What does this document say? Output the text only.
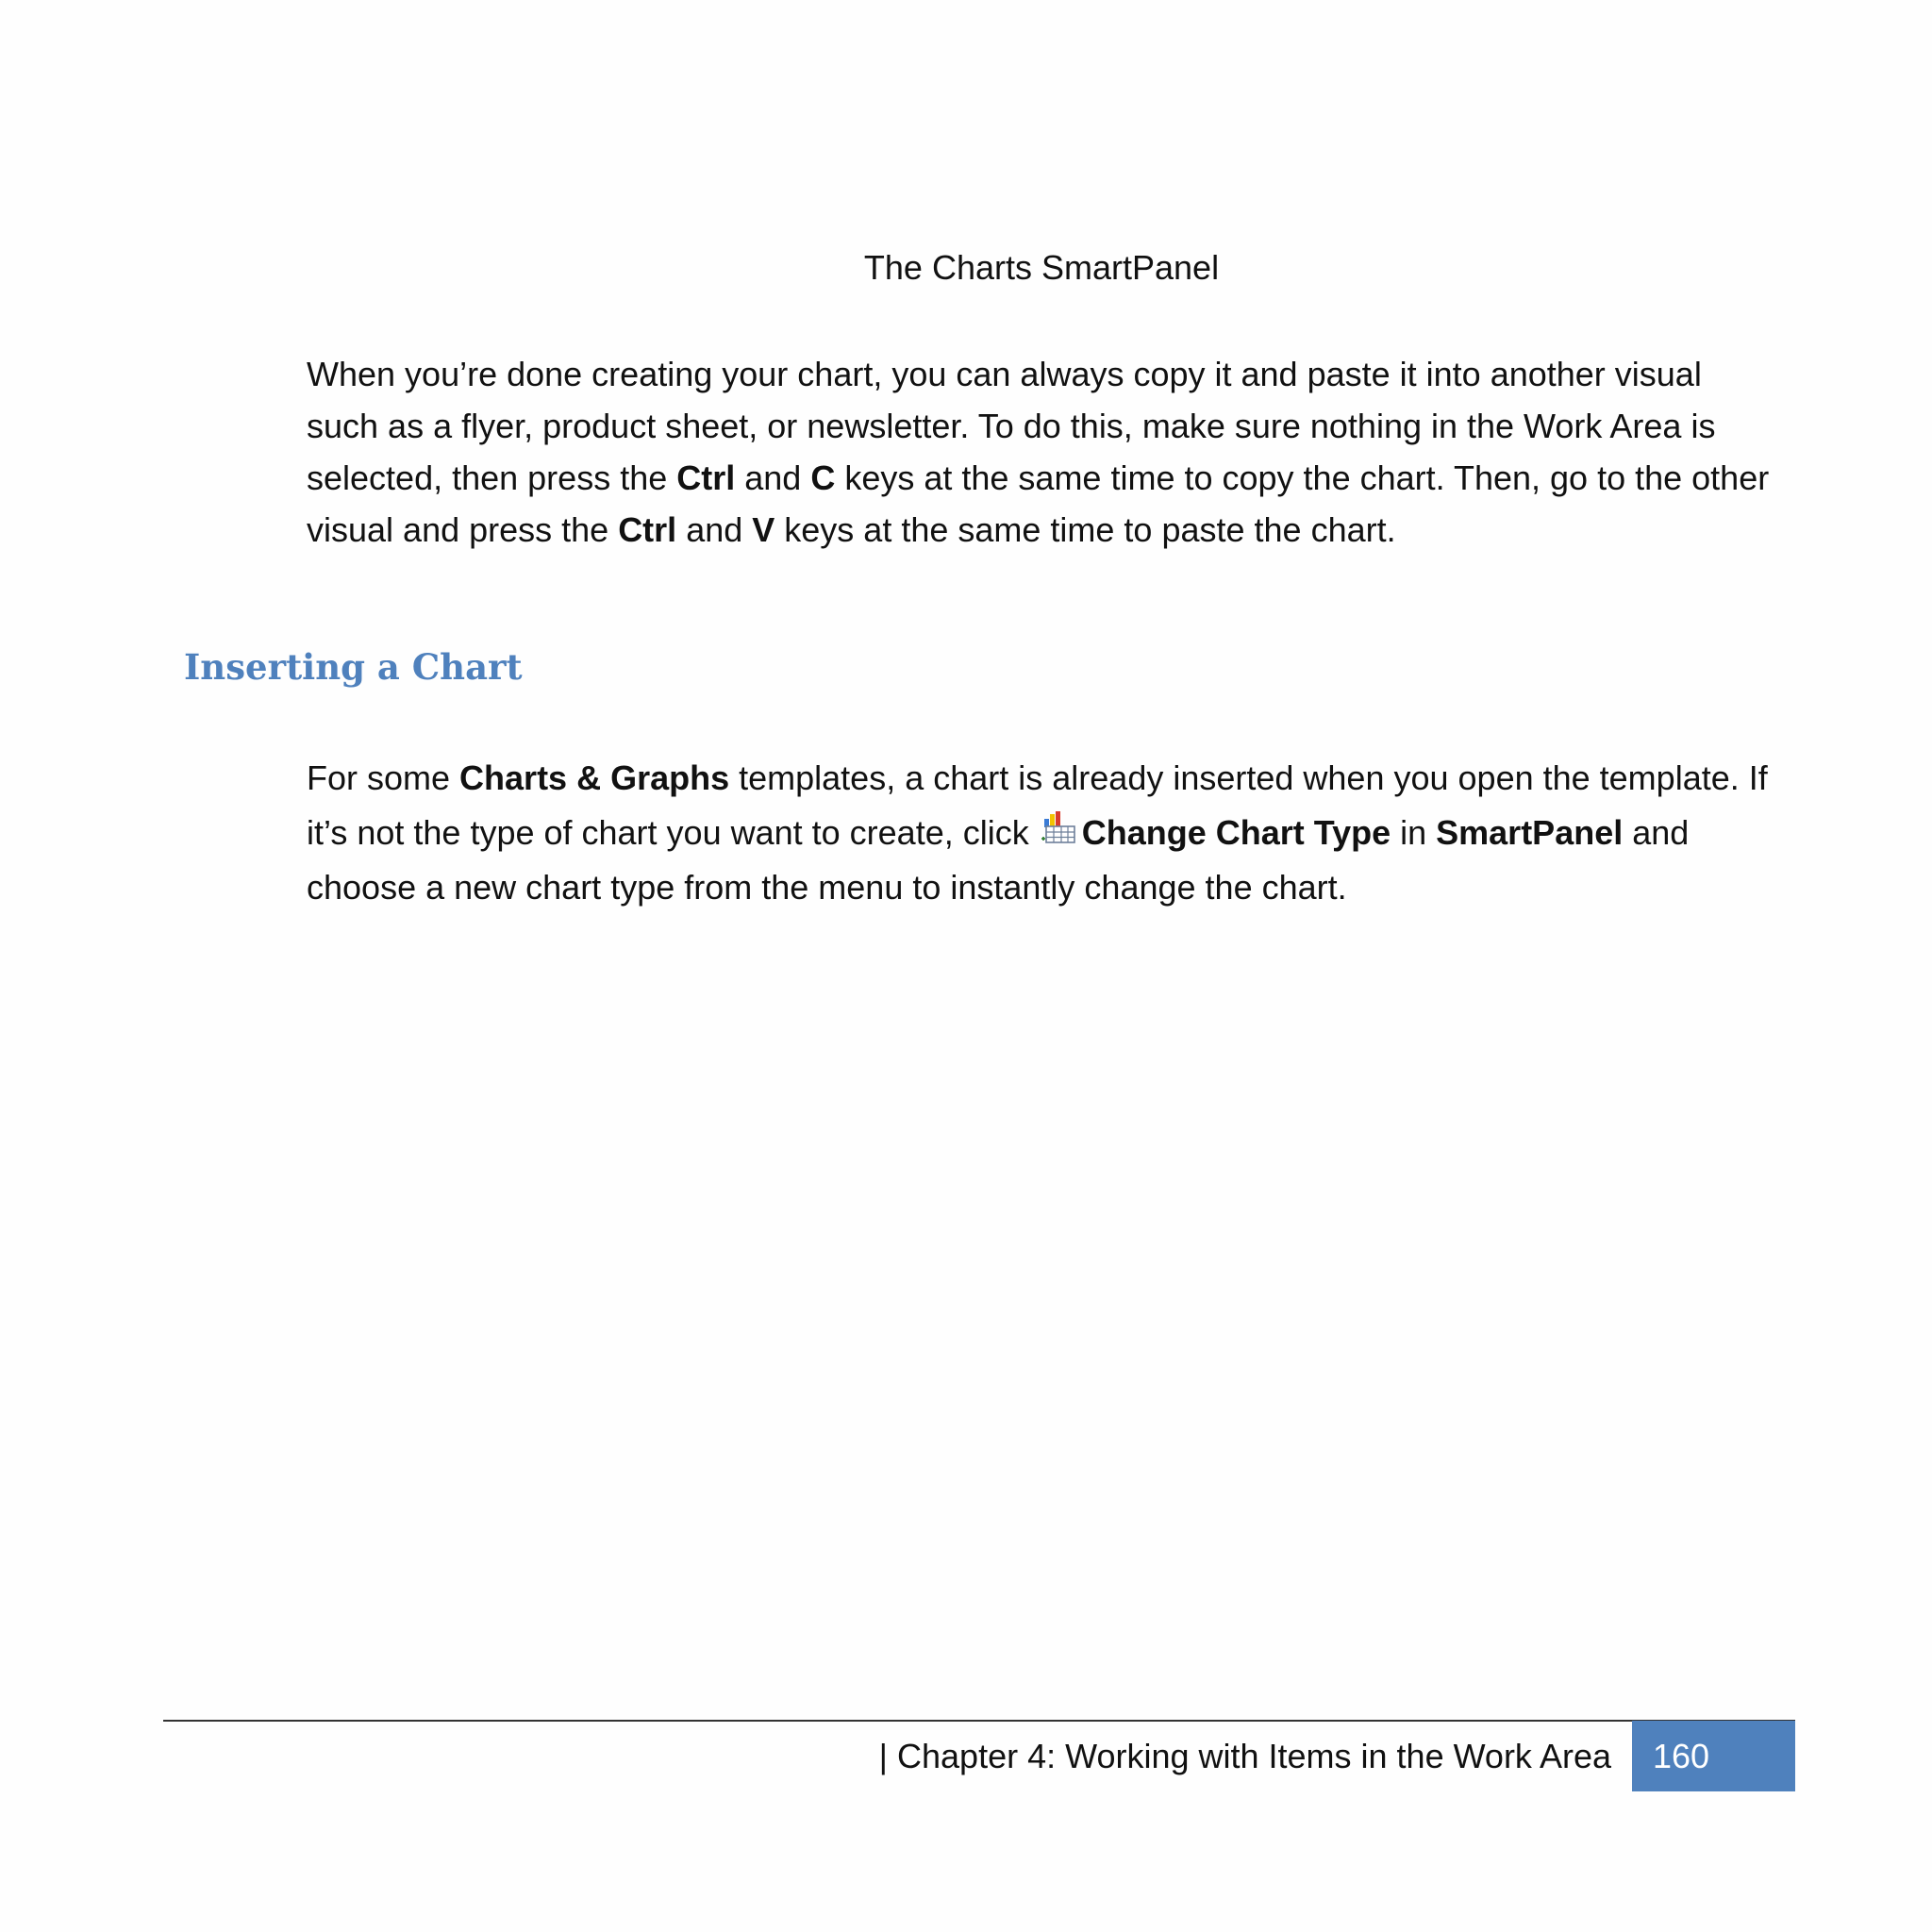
The Charts SmartPanel

When you’re done creating your chart, you can always copy it and paste it into another visual such as a flyer, product sheet, or newsletter. To do this, make sure nothing in the Work Area is selected, then press the Ctrl and C keys at the same time to copy the chart. Then, go to the other visual and press the Ctrl and V keys at the same time to paste the chart.

Inserting a Chart

For some Charts & Graphs templates, a chart is already inserted when you open the template. If it’s not the type of chart you want to create, click Change Chart Type in SmartPanel and choose a new chart type from the menu to instantly change the chart.

| Chapter 4: Working with Items in the Work Area	160
